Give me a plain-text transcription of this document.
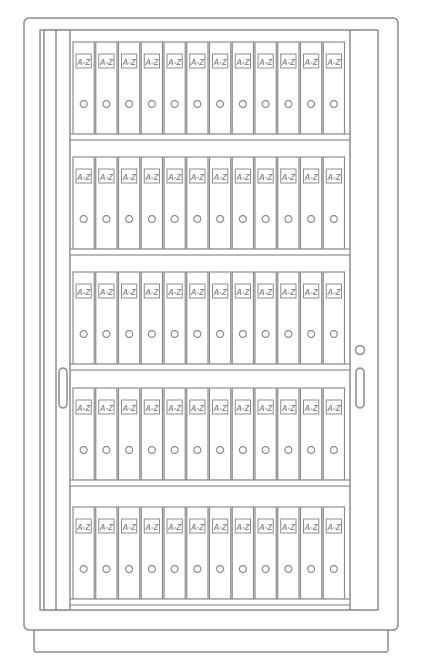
A-Z A-Z A-Z A-Z A-Z A-Z A-Z A-Z A-Z A-Z A-Z A-Z
A-Z A-Z A-Z A-Z A-Z A-Z A-Z A-Z A-Z A-Z A-Z A-Z
A-Z A-Z A-Z A-Z A-Z A-Z A-Z A-Z A-Z A-Z A-Z A-Z
A-Z A-Z A-Z A-Z A-Z A-Z A-Z A-Z A-Z A-Z A-Z A-Z
A-Z A-Z A-Z A-Z A-Z A-Z A-Z A-Z A-Z A-Z A-Z A-Z
